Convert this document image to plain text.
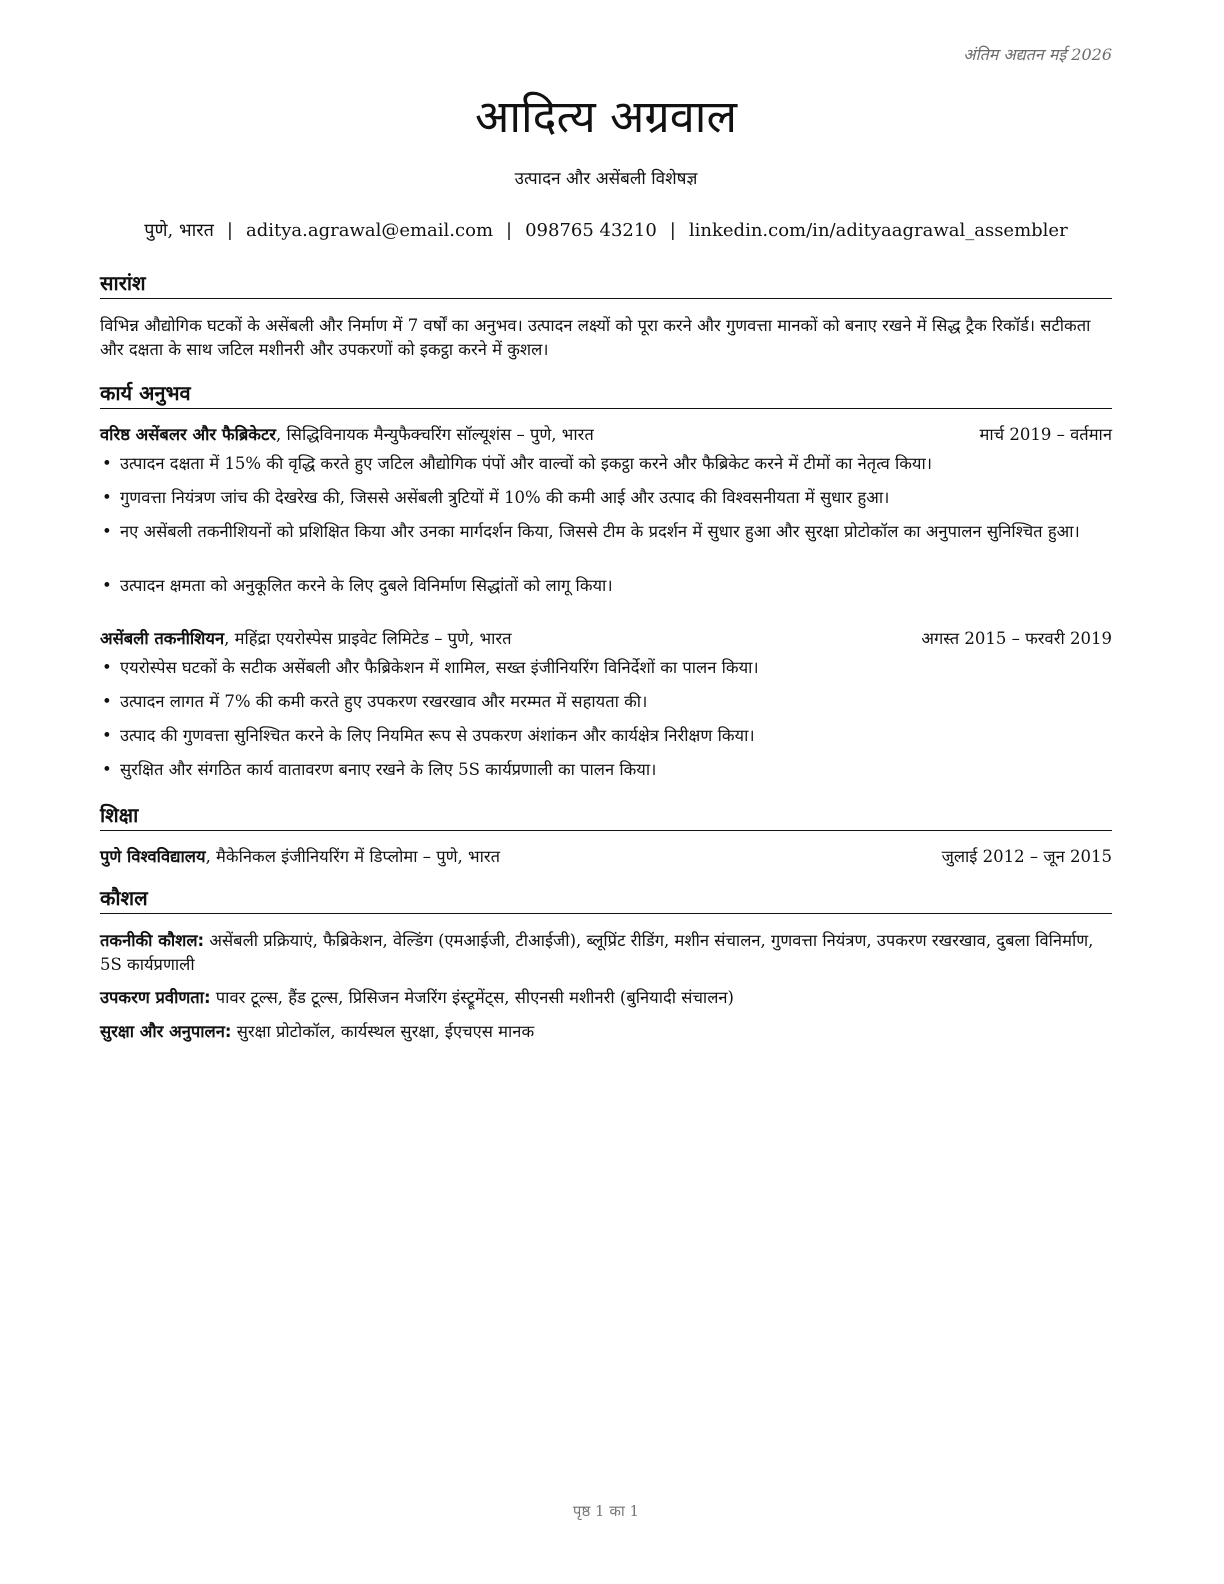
अंतिम अद्यतन मई 2026
आदित्य अग्रवाल
उत्पादन और असेंबली विशेषज्ञ
पुणे, भारत | aditya.agrawal@email.com | 098765 43210 | linkedin.com/in/adityaagrawal_assembler
सारांश
विभिन्न औद्योगिक घटकों के असेंबली और निर्माण में 7 वर्षों का अनुभव। उत्पादन लक्ष्यों को पूरा करने और गुणवत्ता मानकों को बनाए रखने में सिद्ध ट्रैक रिकॉर्ड। सटीकता और दक्षता के साथ जटिल मशीनरी और उपकरणों को इकट्ठा करने में कुशल।
कार्य अनुभव
वरिष्ठ असेंबलर और फैब्रिकेटर, सिद्धिविनायक मैन्युफैक्चरिंग सॉल्यूशंस – पुणे, भारत	मार्च 2019 – वर्तमान
• उत्पादन दक्षता में 15% की वृद्धि करते हुए जटिल औद्योगिक पंपों और वाल्वों को इकट्ठा करने और फैब्रिकेट करने में टीमों का नेतृत्व किया।
• गुणवत्ता नियंत्रण जांच की देखरेख की, जिससे असेंबली त्रुटियों में 10% की कमी आई और उत्पाद की विश्वसनीयता में सुधार हुआ।
• नए असेंबली तकनीशियनों को प्रशिक्षित किया और उनका मार्गदर्शन किया, जिससे टीम के प्रदर्शन में सुधार हुआ और सुरक्षा प्रोटोकॉल का अनुपालन सुनिश्चित हुआ।
• उत्पादन क्षमता को अनुकूलित करने के लिए दुबले विनिर्माण सिद्धांतों को लागू किया।
असेंबली तकनीशियन, महिंद्रा एयरोस्पेस प्राइवेट लिमिटेड – पुणे, भारत	अगस्त 2015 – फरवरी 2019
• एयरोस्पेस घटकों के सटीक असेंबली और फैब्रिकेशन में शामिल, सख्त इंजीनियरिंग विनिर्देशों का पालन किया।
• उत्पादन लागत में 7% की कमी करते हुए उपकरण रखरखाव और मरम्मत में सहायता की।
• उत्पाद की गुणवत्ता सुनिश्चित करने के लिए नियमित रूप से उपकरण अंशांकन और कार्यक्षेत्र निरीक्षण किया।
• सुरक्षित और संगठित कार्य वातावरण बनाए रखने के लिए 5S कार्यप्रणाली का पालन किया।
शिक्षा
पुणे विश्वविद्यालय, मैकेनिकल इंजीनियरिंग में डिप्लोमा – पुणे, भारत	जुलाई 2012 – जून 2015
कौशल
तकनीकी कौशल: असेंबली प्रक्रियाएं, फैब्रिकेशन, वेल्डिंग (एमआईजी, टीआईजी), ब्लूप्रिंट रीडिंग, मशीन संचालन, गुणवत्ता नियंत्रण, उपकरण रखरखाव, दुबला विनिर्माण, 5S कार्यप्रणाली
उपकरण प्रवीणता: पावर टूल्स, हैंड टूल्स, प्रिसिजन मेजरिंग इंस्ट्रूमेंट्स, सीएनसी मशीनरी (बुनियादी संचालन)
सुरक्षा और अनुपालन: सुरक्षा प्रोटोकॉल, कार्यस्थल सुरक्षा, ईएचएस मानक
पृष्ठ 1 का 1
